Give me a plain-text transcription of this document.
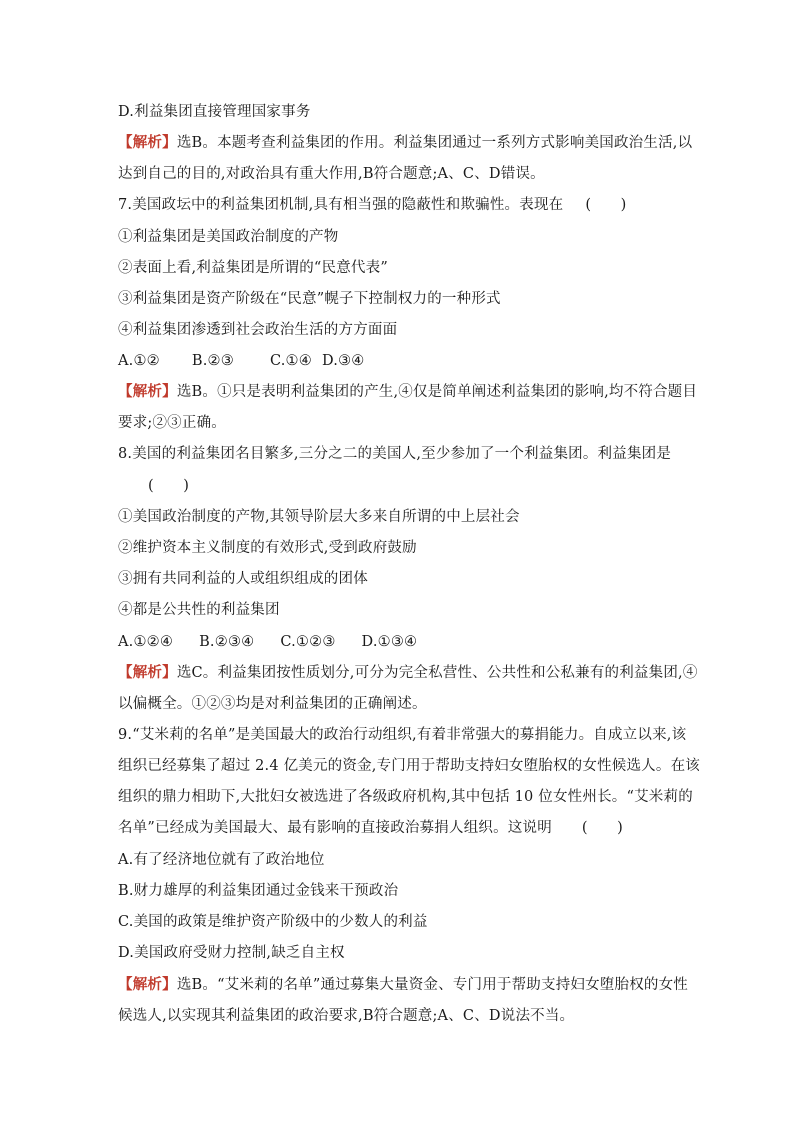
D.利益集团直接管理国家事务
【解析】选B。本题考查利益集团的作用。利益集团通过一系列方式影响美国政治生活,以
达到自己的目的,对政治具有重大作用,B符合题意;A、C、D错误。
7.美国政坛中的利益集团机制,具有相当强的隐蔽性和欺骗性。表现在 (　　)
①利益集团是美国政治制度的产物
②表面上看,利益集团是所谓的“民意代表”
③利益集团是资产阶级在“民意”幌子下控制权力的一种形式
④利益集团渗透到社会政治生活的方方面面
A.①② B.②③ C.①④ D.③④
【解析】选B。①只是表明利益集团的产生,④仅是简单阐述利益集团的影响,均不符合题目
要求;②③正确。
8.美国的利益集团名目繁多,三分之二的美国人,至少参加了一个利益集团。利益集团是
(　　)
①美国政治制度的产物,其领导阶层大多来自所谓的中上层社会
②维护资本主义制度的有效形式,受到政府鼓励
③拥有共同利益的人或组织组成的团体
④都是公共性的利益集团
A.①②④ B.②③④ C.①②③ D.①③④
【解析】选C。利益集团按性质划分,可分为完全私营性、公共性和公私兼有的利益集团,④
以偏概全。①②③均是对利益集团的正确阐述。
9.“艾米莉的名单”是美国最大的政治行动组织,有着非常强大的募捐能力。自成立以来,该
组织已经募集了超过 2.4 亿美元的资金,专门用于帮助支持妇女堕胎权的女性候选人。在该
组织的鼎力相助下,大批妇女被选进了各级政府机构,其中包括 10 位女性州长。“艾米莉的
名单”已经成为美国最大、最有影响的直接政治募捐人组织。这说明 (　　)
A.有了经济地位就有了政治地位
B.财力雄厚的利益集团通过金钱来干预政治
C.美国的政策是维护资产阶级中的少数人的利益
D.美国政府受财力控制,缺乏自主权
【解析】选B。“艾米莉的名单”通过募集大量资金、专门用于帮助支持妇女堕胎权的女性
候选人,以实现其利益集团的政治要求,B符合题意;A、C、D说法不当。
